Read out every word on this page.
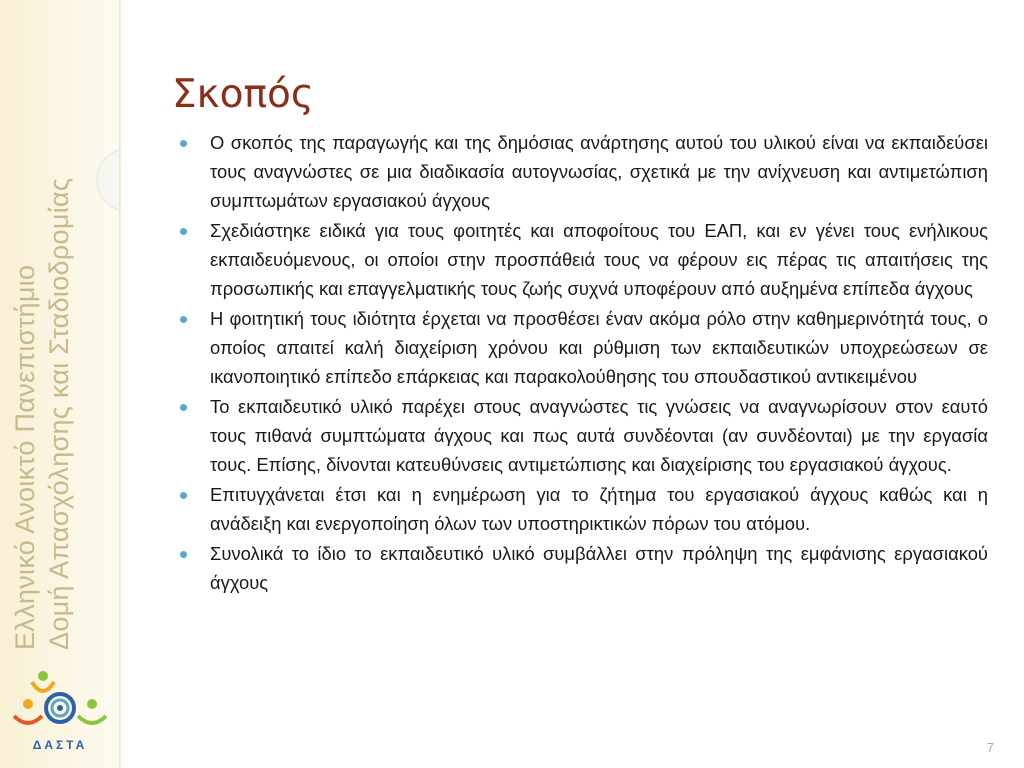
Ελληνικό Ανοικτό Πανεπιστήμιο Δομή Απασχόλησης και Σταδιοδρομίας
ΔΑΣΤΑ
Σκοπός
Ο σκοπός της παραγωγής και της δημόσιας ανάρτησης αυτού του υλικού είναι να εκπαιδεύσει τους αναγνώστες σε μια διαδικασία αυτογνωσίας, σχετικά με την ανίχνευση και αντιμετώπιση συμπτωμάτων εργασιακού άγχους
Σχεδιάστηκε ειδικά για τους φοιτητές και αποφοίτους του ΕΑΠ, και εν γένει τους ενήλικους εκπαιδευόμενους, οι οποίοι στην προσπάθειά τους να φέρουν εις πέρας τις απαιτήσεις της προσωπικής και επαγγελματικής τους ζωής συχνά υποφέρουν από αυξημένα επίπεδα άγχους
Η φοιτητική τους ιδιότητα έρχεται να προσθέσει έναν ακόμα ρόλο στην καθημερινότητά τους, ο οποίος απαιτεί καλή διαχείριση χρόνου και ρύθμιση των εκπαιδευτικών υποχρεώσεων σε ικανοποιητικό επίπεδο επάρκειας και παρακολούθησης του σπουδαστικού αντικειμένου
Το εκπαιδευτικό υλικό παρέχει στους αναγνώστες τις γνώσεις να αναγνωρίσουν στον εαυτό τους πιθανά συμπτώματα άγχους και πως αυτά συνδέονται (αν συνδέονται) με την εργασία τους. Επίσης, δίνονται κατευθύνσεις αντιμετώπισης και διαχείρισης του εργασιακού άγχους.
Επιτυγχάνεται έτσι και η ενημέρωση για το ζήτημα του εργασιακού άγχους καθώς και η ανάδειξη και ενεργοποίηση όλων των υποστηρικτικών πόρων του ατόμου.
Συνολικά το ίδιο το εκπαιδευτικό υλικό συμβάλλει στην πρόληψη της εμφάνισης εργασιακού άγχους
7
